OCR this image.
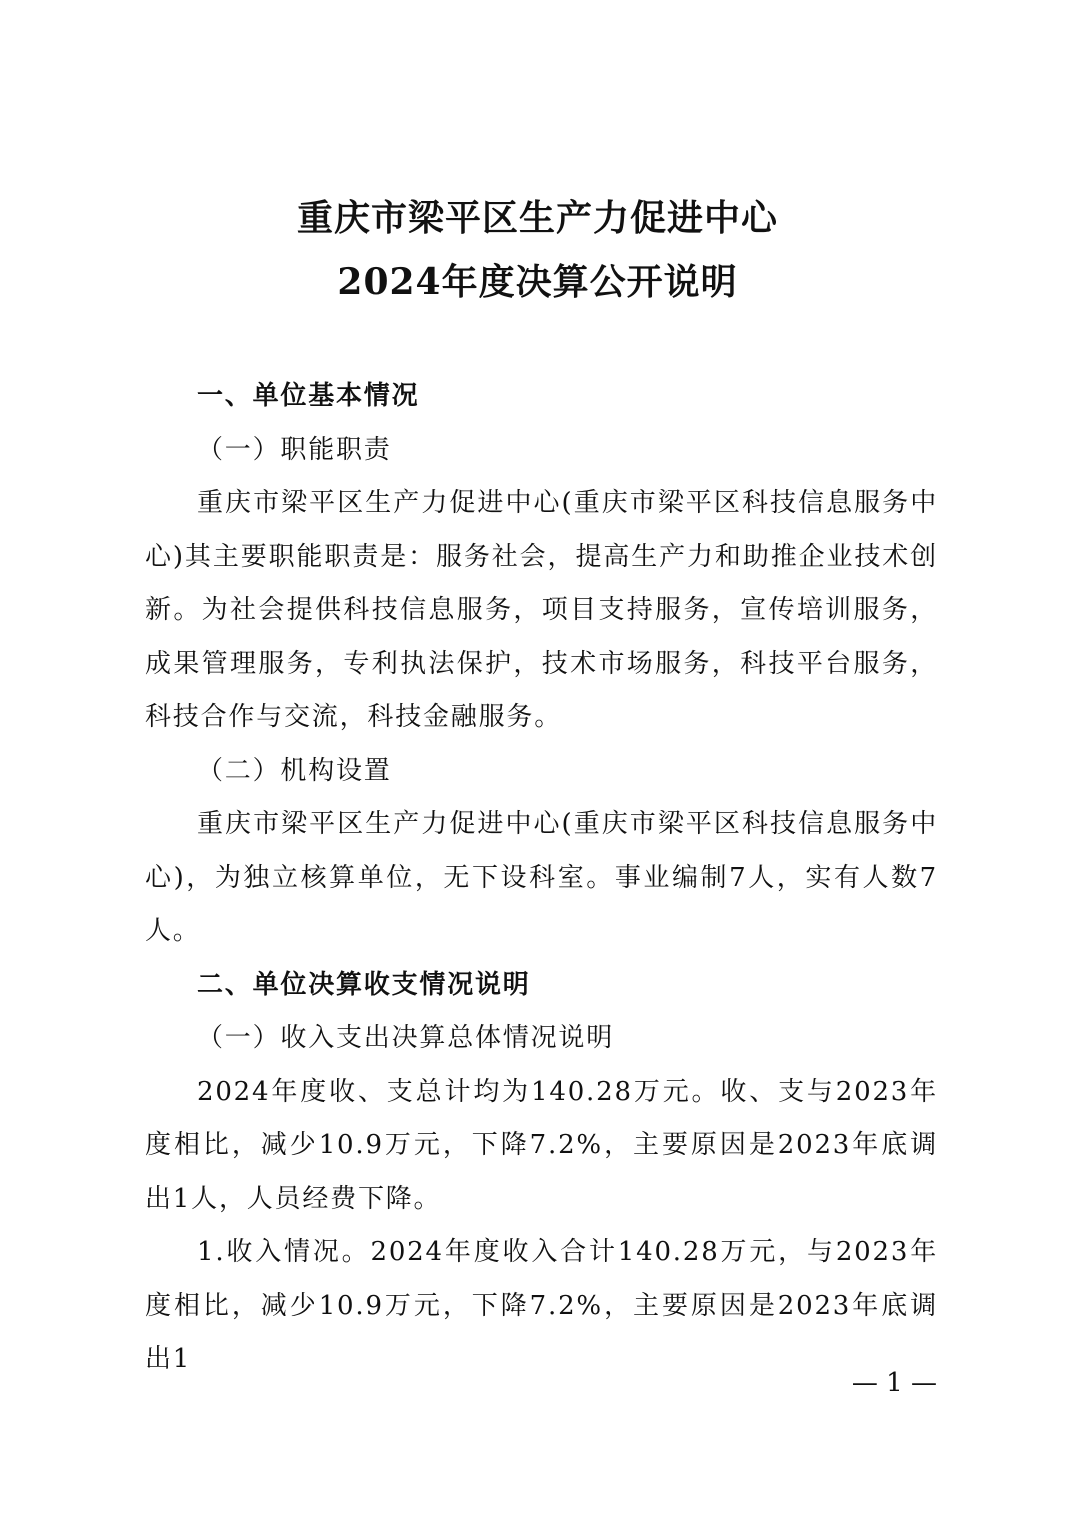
重庆市梁平区生产力促进中心
2024年度决算公开说明

一、单位基本情况

（一）职能职责

重庆市梁平区生产力促进中心(重庆市梁平区科技信息服务中心)其主要职能职责是：服务社会，提高生产力和助推企业技术创新。为社会提供科技信息服务，项目支持服务，宣传培训服务，成果管理服务，专利执法保护，技术市场服务，科技平台服务，科技合作与交流，科技金融服务。

（二）机构设置

重庆市梁平区生产力促进中心(重庆市梁平区科技信息服务中心)，为独立核算单位，无下设科室。事业编制7人，实有人数7人。

二、单位决算收支情况说明

（一）收入支出决算总体情况说明

2024年度收、支总计均为140.28万元。收、支与2023年度相比，减少10.9万元，下降7.2%，主要原因是2023年底调出1人，人员经费下降。

1.收入情况。2024年度收入合计140.28万元，与2023年度相比，减少10.9万元，下降7.2%，主要原因是2023年底调出1

— 1 —
